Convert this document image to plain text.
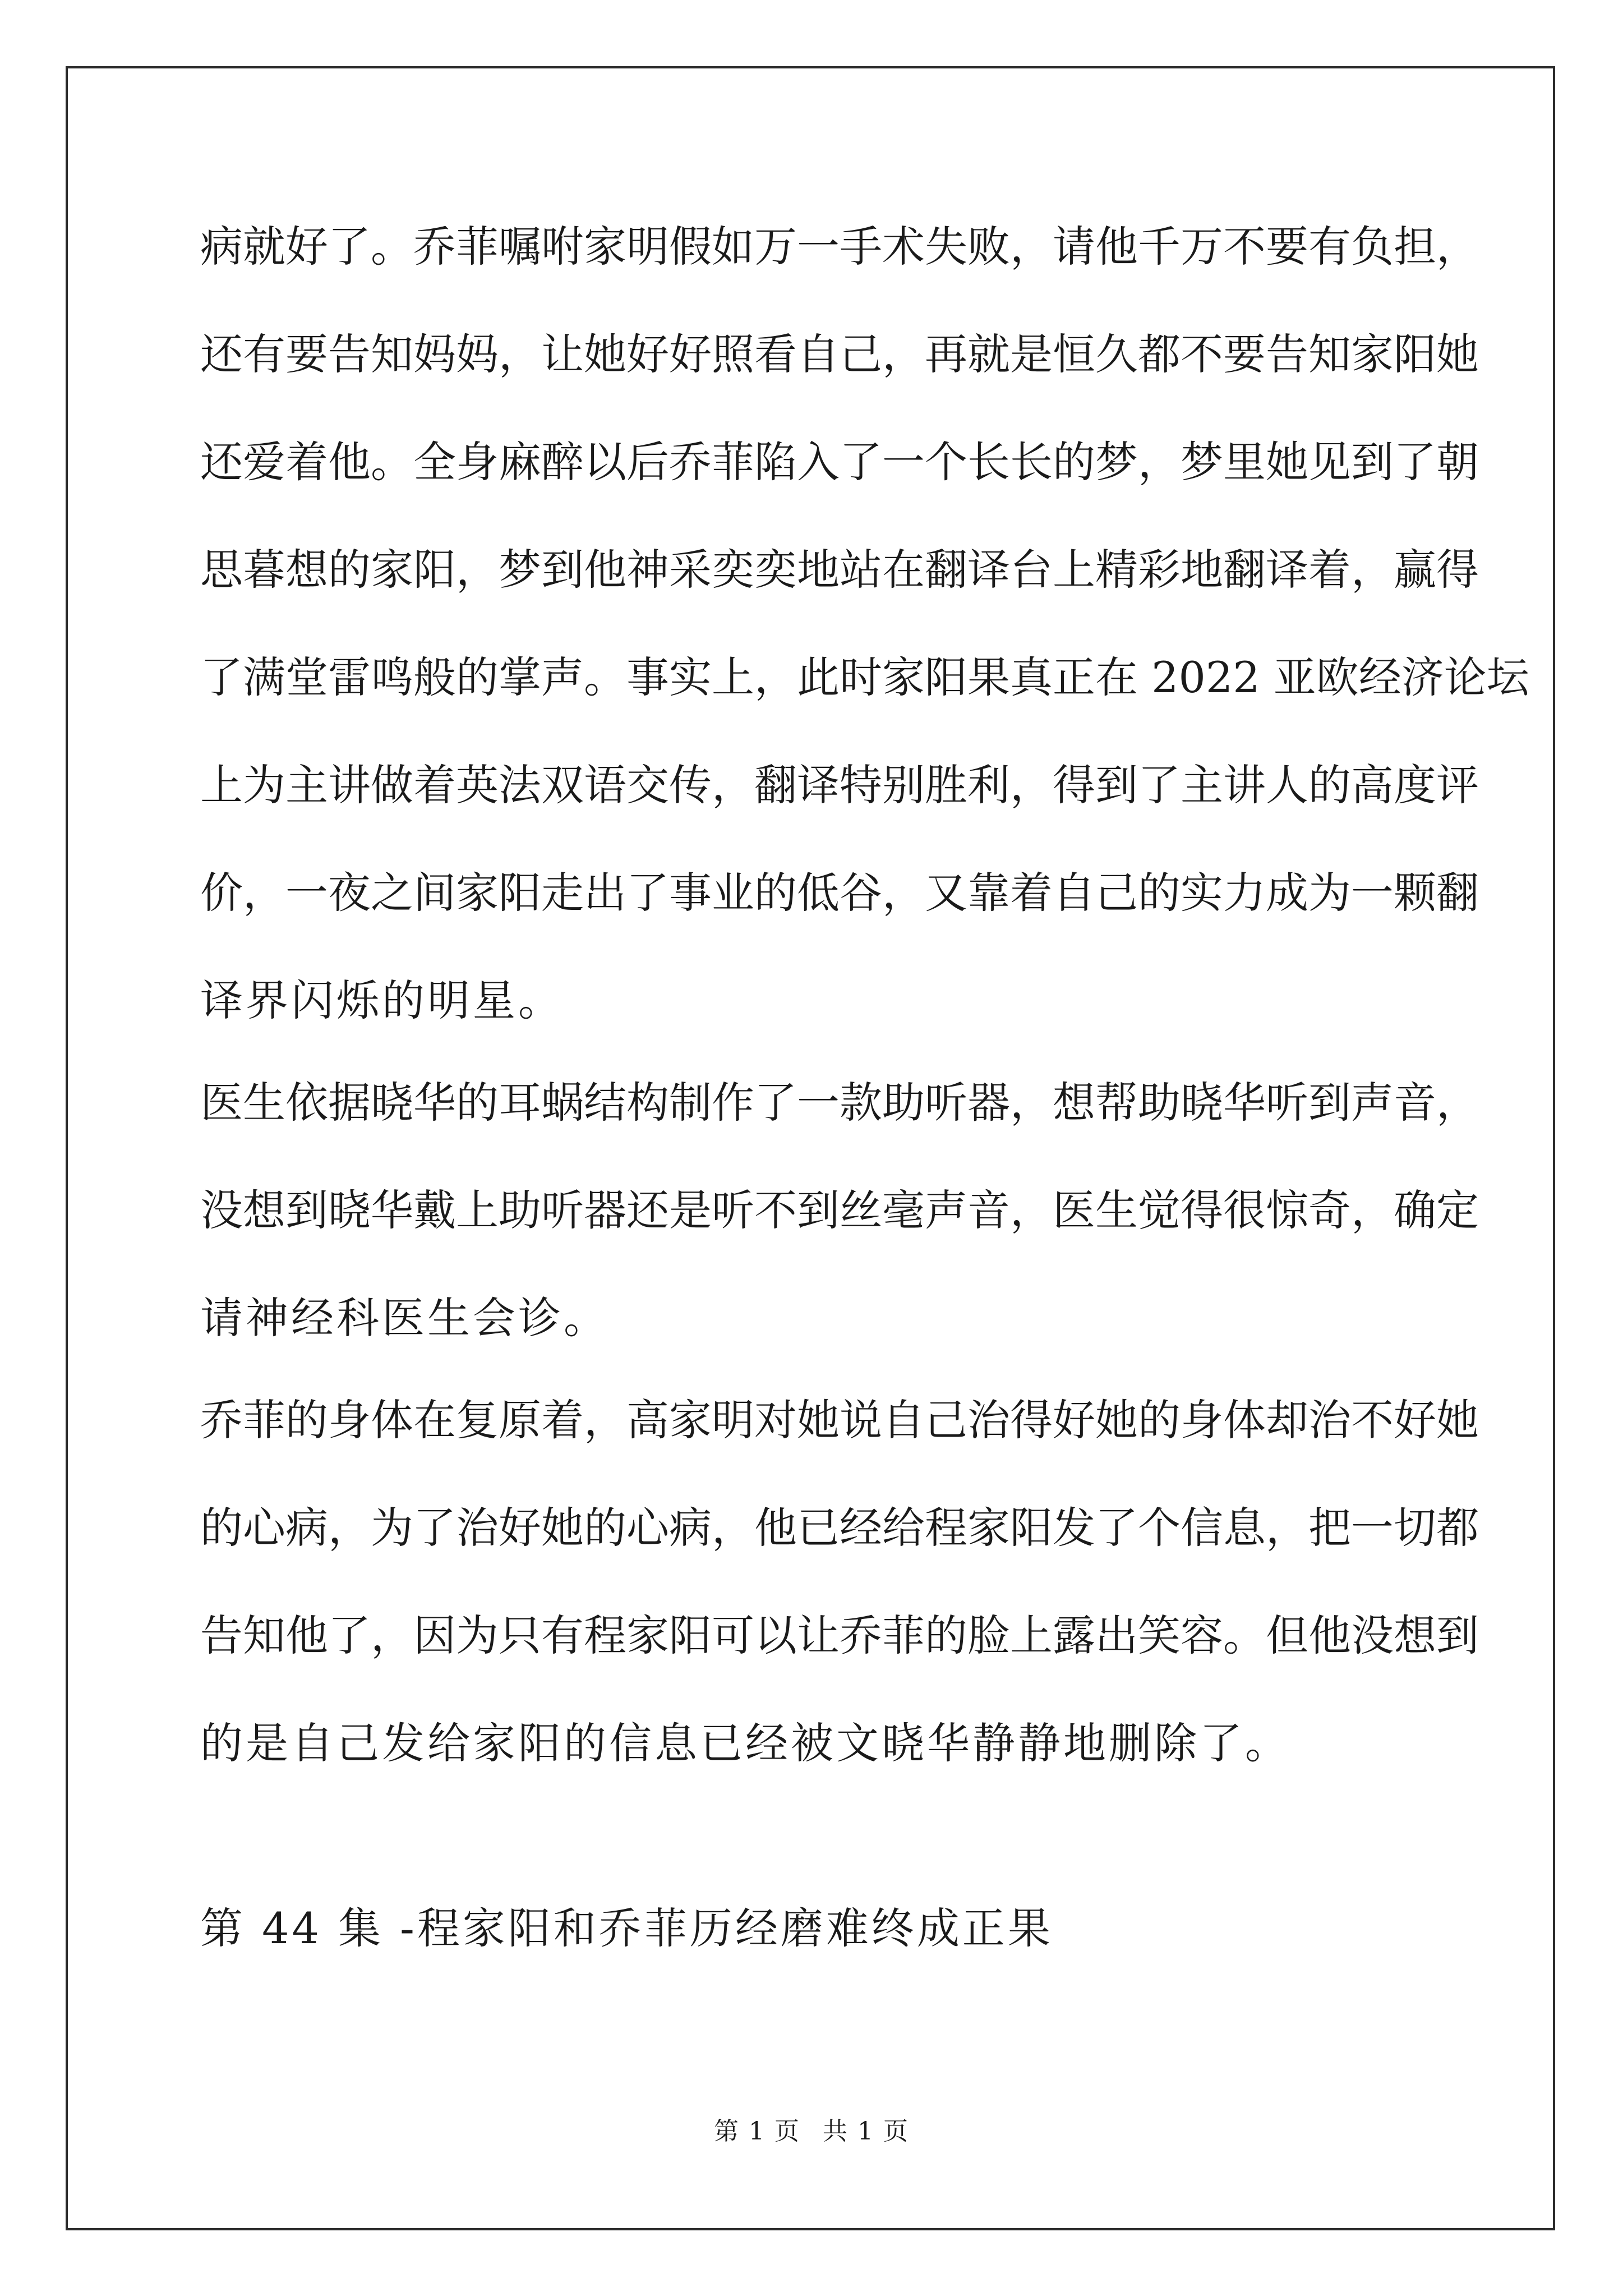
病就好了。乔菲嘱咐家明假如万一手术失败，请他千万不要有负担，
还有要告知妈妈，让她好好照看自己，再就是恒久都不要告知家阳她
还爱着他。全身麻醉以后乔菲陷入了一个长长的梦，梦里她见到了朝
思暮想的家阳，梦到他神采奕奕地站在翻译台上精彩地翻译着，赢得
了满堂雷鸣般的掌声。事实上，此时家阳果真正在 2022 亚欧经济论坛
上为主讲做着英法双语交传，翻译特别胜利，得到了主讲人的高度评
价，一夜之间家阳走出了事业的低谷，又靠着自己的实力成为一颗翻
译界闪烁的明星。
医生依据晓华的耳蜗结构制作了一款助听器，想帮助晓华听到声音，
没想到晓华戴上助听器还是听不到丝毫声音，医生觉得很惊奇，确定
请神经科医生会诊。
乔菲的身体在复原着，高家明对她说自己治得好她的身体却治不好她
的心病，为了治好她的心病，他已经给程家阳发了个信息，把一切都
告知他了，因为只有程家阳可以让乔菲的脸上露出笑容。但他没想到
的是自己发给家阳的信息已经被文晓华静静地删除了。
第 44 集 -程家阳和乔菲历经磨难终成正果
第 1 页 共 1 页
